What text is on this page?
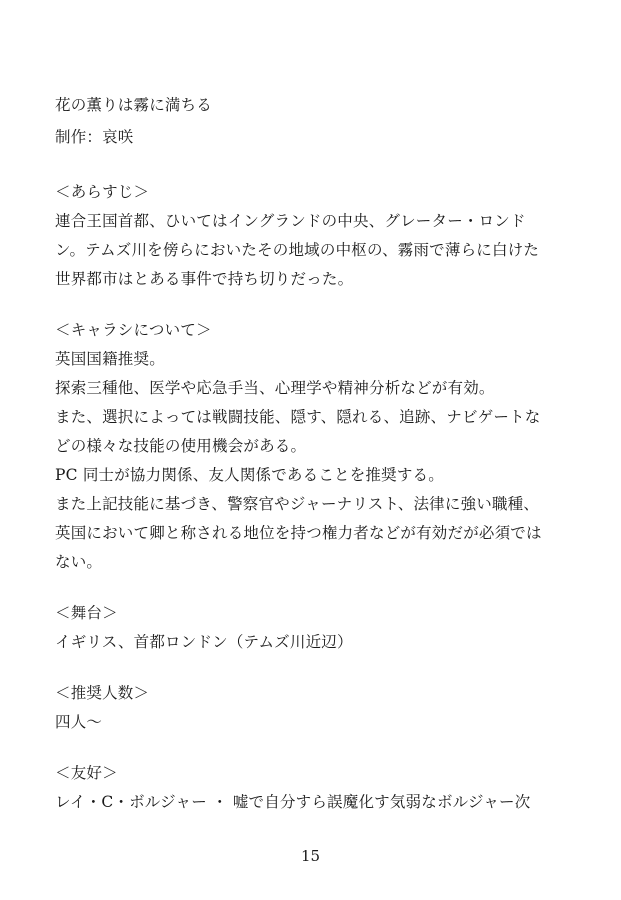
花の薫りは霧に満ちる
制作：哀咲
＜あらすじ＞
連合王国首都、ひいてはイングランドの中央、グレーター・ロンド
ン。テムズ川を傍らにおいたその地域の中枢の、霧雨で薄らに白けた
世界都市はとある事件で持ち切りだった。
＜キャラシについて＞
英国国籍推奨。
探索三種他、医学や応急手当、心理学や精神分析などが有効。
また、選択によっては戦闘技能、隠す、隠れる、追跡、ナビゲートな
どの様々な技能の使用機会がある。
PC 同士が協力関係、友人関係であることを推奨する。
また上記技能に基づき、警察官やジャーナリスト、法律に強い職種、
英国において卿と称される地位を持つ権力者などが有効だが必須では
ない。
＜舞台＞
イギリス、首都ロンドン（テムズ川近辺）
＜推奨人数＞
四人～
＜友好＞
レイ・C・ボルジャー ・ 嘘で自分すら誤魔化す気弱なボルジャー次
15
